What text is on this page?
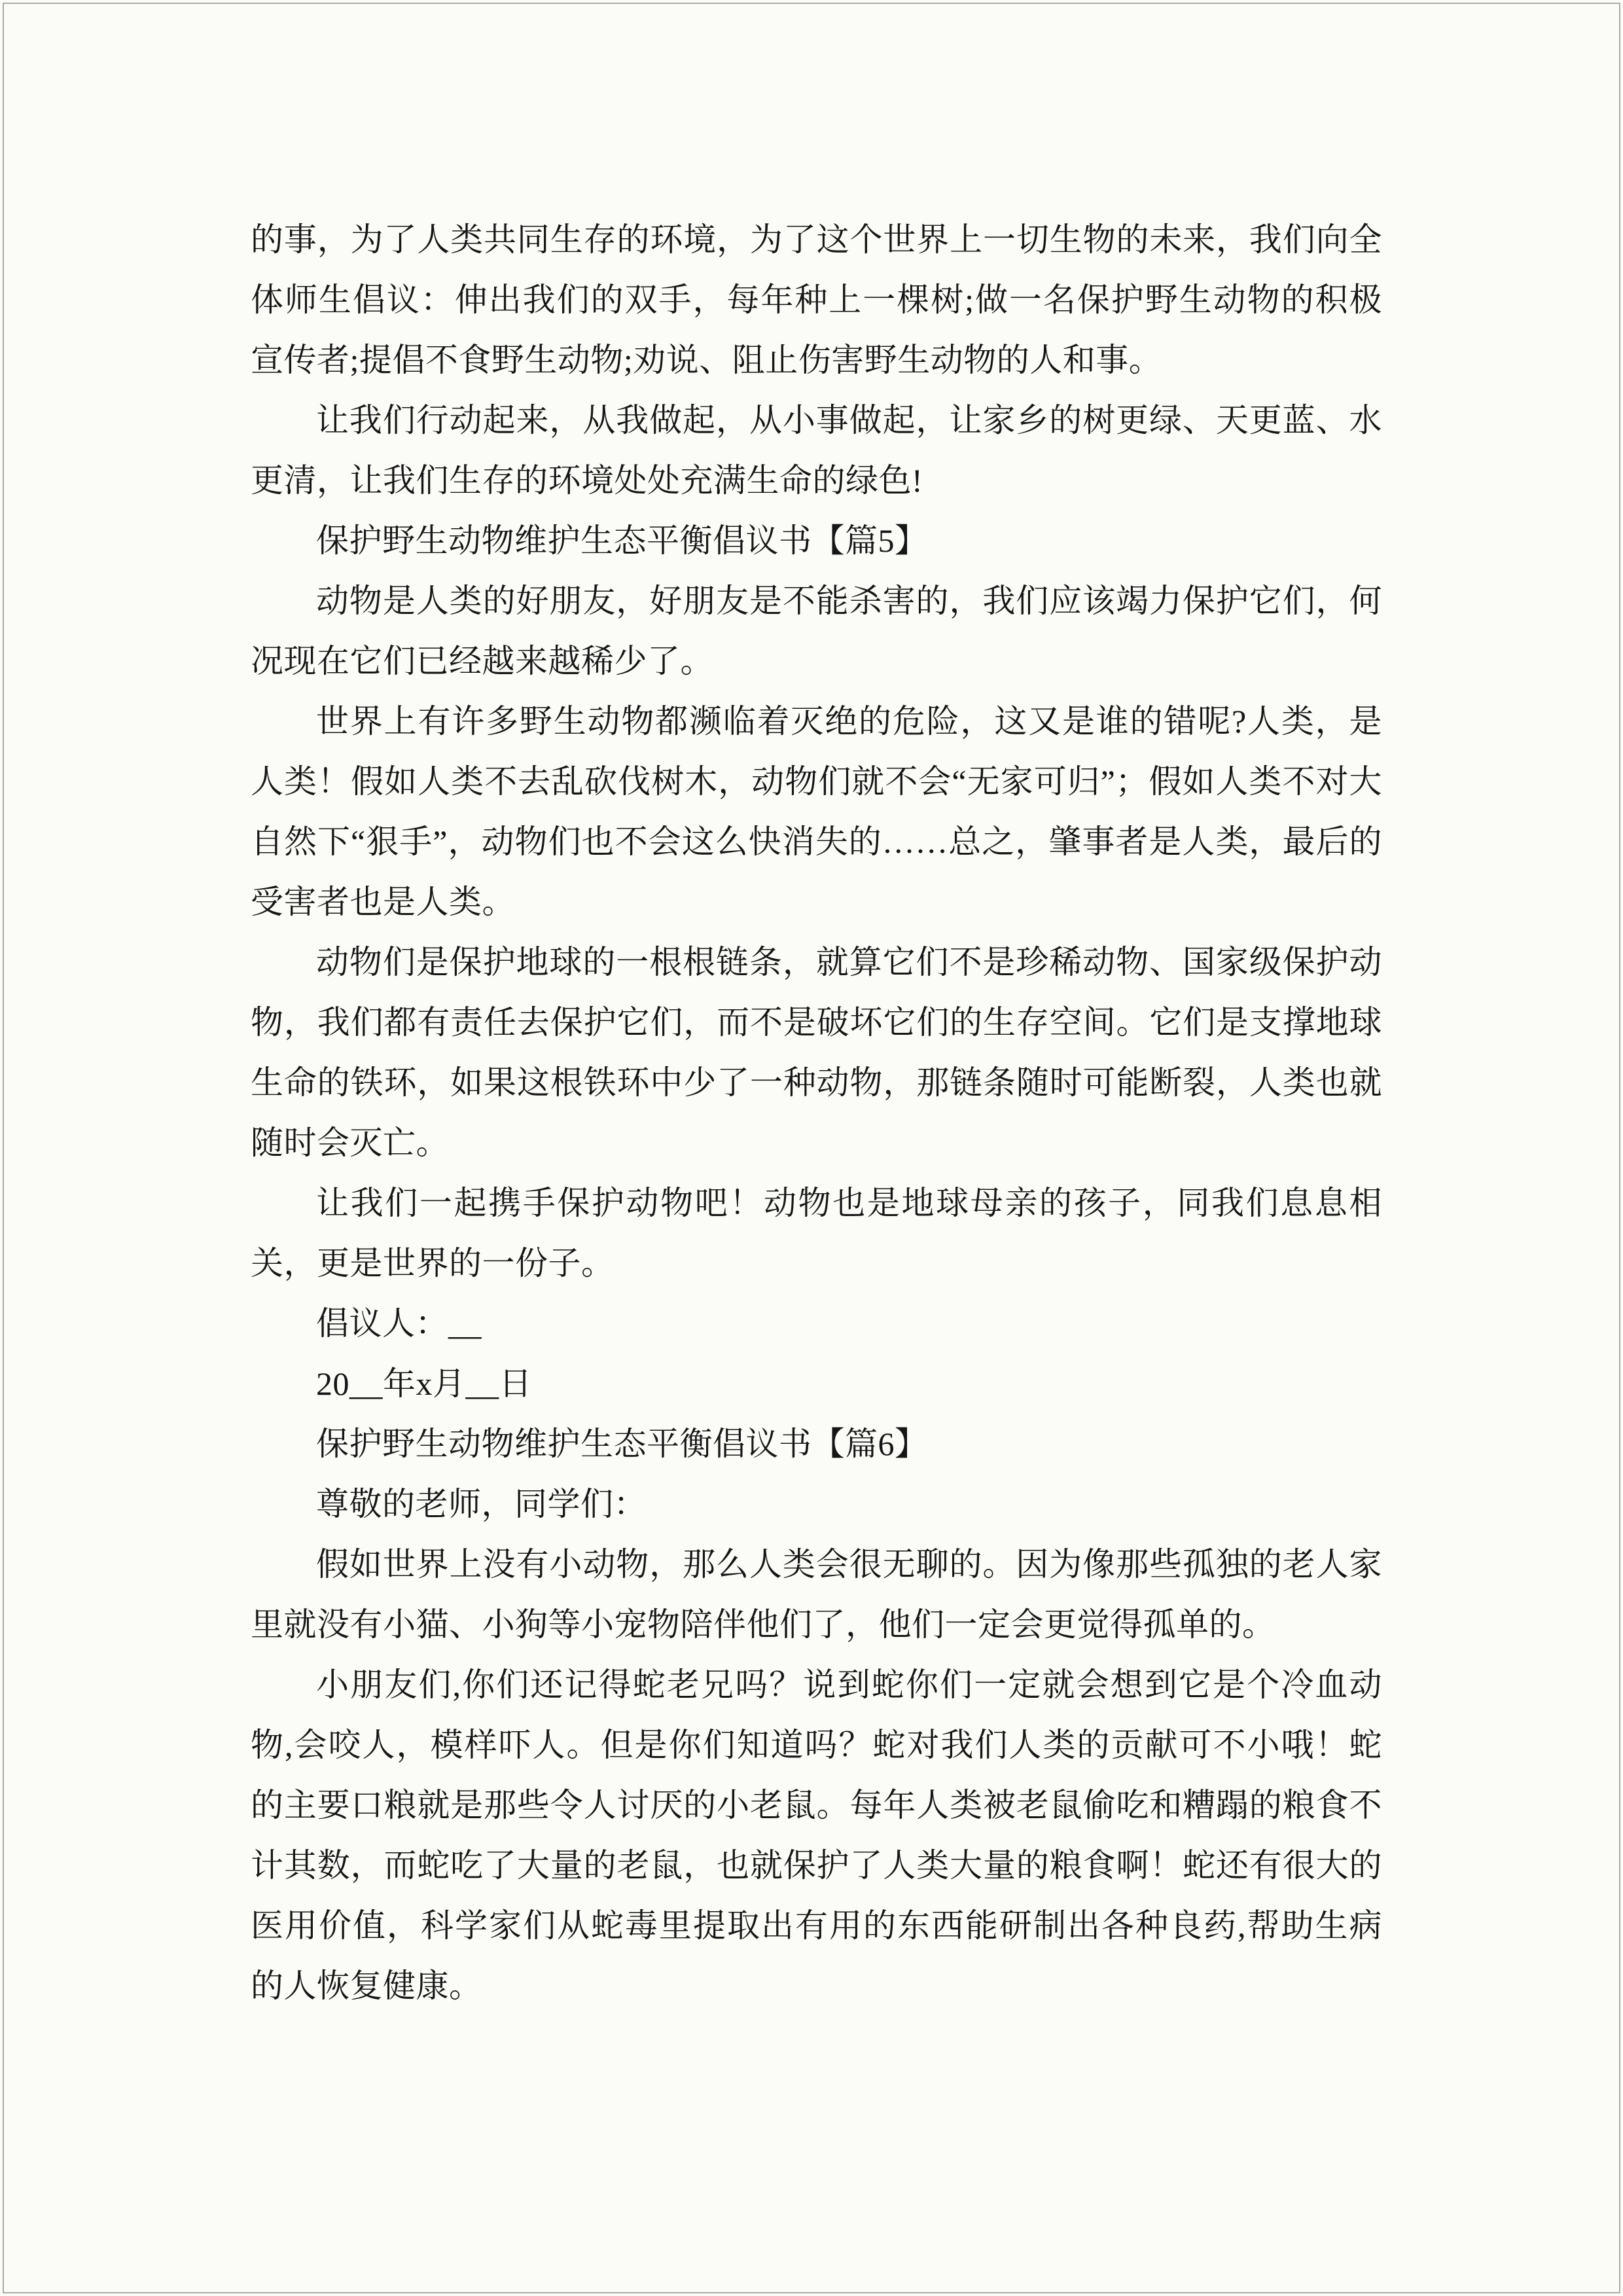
的事，为了人类共同生存的环境，为了这个世界上一切生物的未来，我们向全体师生倡议：伸出我们的双手，每年种上一棵树;做一名保护野生动物的积极宣传者;提倡不食野生动物;劝说、阻止伤害野生动物的人和事。

让我们行动起来，从我做起，从小事做起，让家乡的树更绿、天更蓝、水更清，让我们生存的环境处处充满生命的绿色!

保护野生动物维护生态平衡倡议书【篇5】

动物是人类的好朋友，好朋友是不能杀害的，我们应该竭力保护它们，何况现在它们已经越来越稀少了。

世界上有许多野生动物都濒临着灭绝的危险，这又是谁的错呢?人类，是人类！假如人类不去乱砍伐树木，动物们就不会“无家可归”；假如人类不对大自然下“狠手”，动物们也不会这么快消失的……总之，肇事者是人类，最后的受害者也是人类。

动物们是保护地球的一根根链条，就算它们不是珍稀动物、国家级保护动物，我们都有责任去保护它们，而不是破坏它们的生存空间。它们是支撑地球生命的铁环，如果这根铁环中少了一种动物，那链条随时可能断裂，人类也就随时会灭亡。

让我们一起携手保护动物吧！动物也是地球母亲的孩子，同我们息息相关，更是世界的一份子。

倡议人：__

20__年x月__日

保护野生动物维护生态平衡倡议书【篇6】

尊敬的老师，同学们：

假如世界上没有小动物，那么人类会很无聊的。因为像那些孤独的老人家里就没有小猫、小狗等小宠物陪伴他们了，他们一定会更觉得孤单的。

小朋友们,你们还记得蛇老兄吗？说到蛇你们一定就会想到它是个冷血动物,会咬人，模样吓人。但是你们知道吗？蛇对我们人类的贡献可不小哦！蛇的主要口粮就是那些令人讨厌的小老鼠。每年人类被老鼠偷吃和糟蹋的粮食不计其数，而蛇吃了大量的老鼠，也就保护了人类大量的粮食啊！蛇还有很大的医用价值，科学家们从蛇毒里提取出有用的东西能研制出各种良药,帮助生病的人恢复健康。
